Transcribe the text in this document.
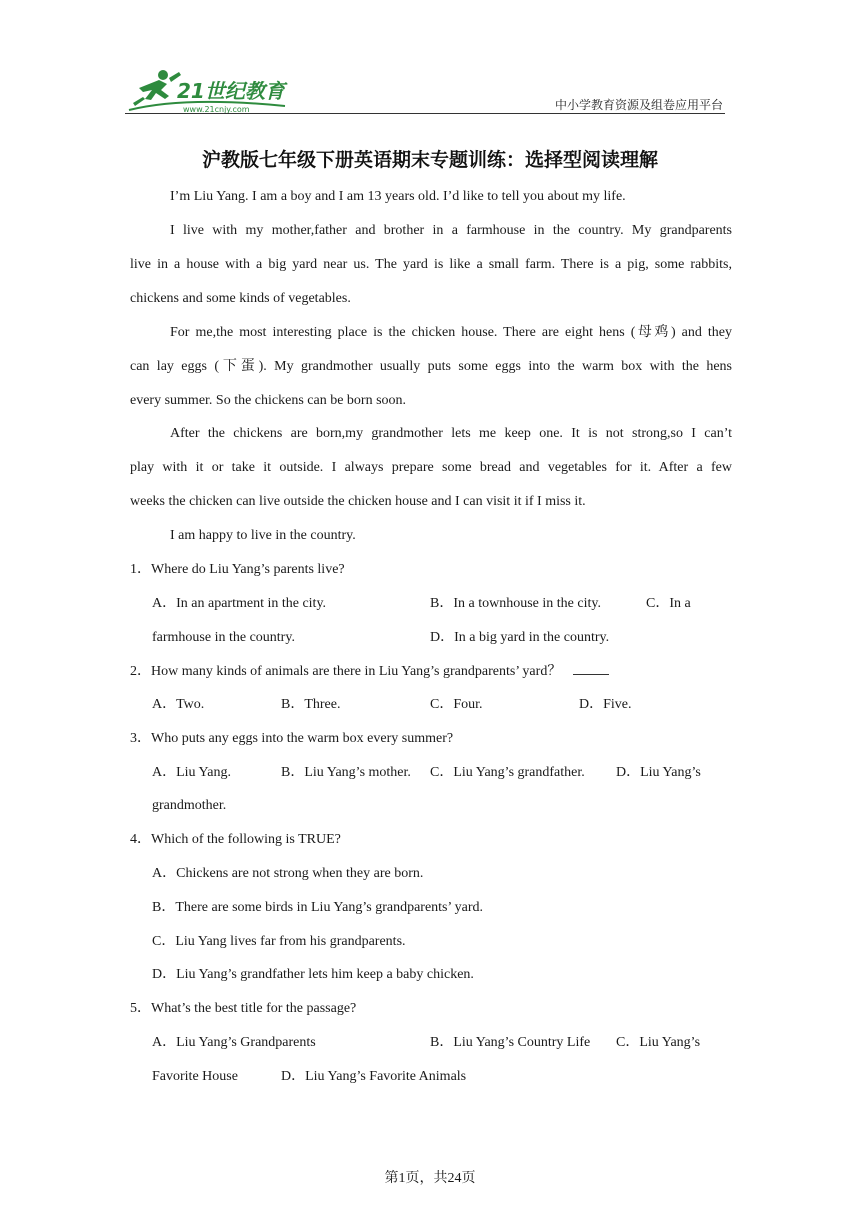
21世纪教育
www.21cnjy.com	中小学教育资源及组卷应用平台
沪教版七年级下册英语期末专题训练：选择型阅读理解
I’m Liu Yang. I am a boy and I am 13 years old. I’d like to tell you about my life.
I live with my mother,father and brother in a farmhouse in the country. My grandparents
live in a house with a big yard near us. The yard is like a small farm. There is a pig, some rabbits,
chickens and some kinds of vegetables.
For me,the most interesting place is the chicken house. There are eight hens (母鸡) and they
can lay eggs (下蛋). My grandmother usually puts some eggs into the warm box with the hens
every summer. So the chickens can be born soon.
After the chickens are born,my grandmother lets me keep one. It is not strong,so I can’t
play with it or take it outside. I always prepare some bread and vegetables for it. After a few
weeks the chicken can live outside the chicken house and I can visit it if I miss it.
I am happy to live in the country.
1．Where do Liu Yang’s parents live?
A．In an apartment in the city.	B．In a townhouse in the city.	C．In a
farmhouse in the country.	D．In a big yard in the country.
2．How many kinds of animals are there in Liu Yang’s grandparents’ yard？
A．Two.	B．Three.	C．Four.	D．Five.
3．Who puts any eggs into the warm box every summer?
A．Liu Yang.	B．Liu Yang’s mother. C．Liu Yang’s grandfather. D．Liu Yang’s
grandmother.
4．Which of the following is TRUE?
A．Chickens are not strong when they are born.
B．There are some birds in Liu Yang’s grandparents’ yard.
C．Liu Yang lives far from his grandparents.
D．Liu Yang’s grandfather lets him keep a baby chicken.
5．What’s the best title for the passage?
A．Liu Yang’s Grandparents	B．Liu Yang’s Country Life C．Liu Yang’s
Favorite House	D．Liu Yang’s Favorite Animals
第1页，共24页
